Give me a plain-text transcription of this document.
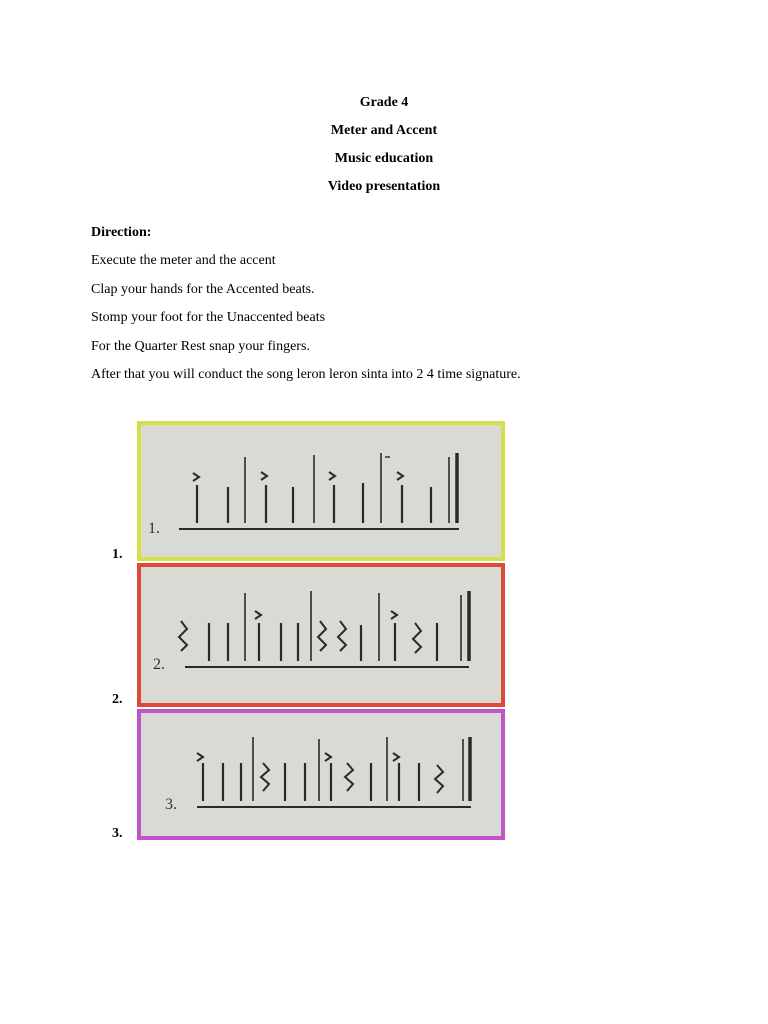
Grade 4
Meter and Accent
Music education
Video presentation
Direction:
Execute the meter and the accent
Clap your hands for the Accented beats.
Stomp your foot for the Unaccented beats
For the Quarter Rest snap your fingers.
After that you will conduct the song leron leron sinta into 2 4 time signature.
1.
1.
2.
2.
3.
3.
